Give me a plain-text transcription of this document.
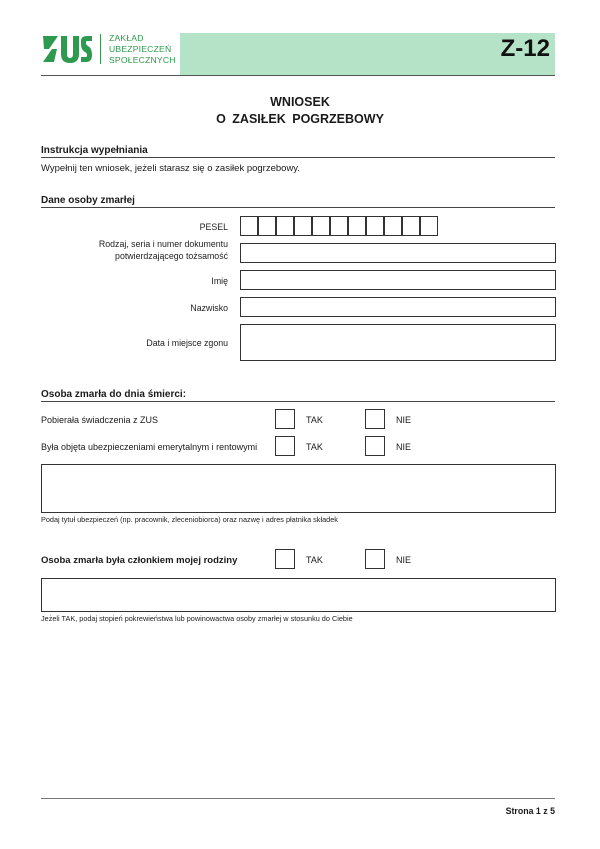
ZAKŁAD
UBEZPIECZEŃ
SPOŁECZNYCH	Z-12
WNIOSEK
O ZASIŁEK POGRZEBOWY
Instrukcja wypełniania
Wypełnij ten wniosek, jeżeli starasz się o zasiłek pogrzebowy.
Dane osoby zmarłej
PESEL
Rodzaj, seria i numer dokumentu
potwierdzającego tożsamość
Imię
Nazwisko
Data i miejsce zgonu
Osoba zmarła do dnia śmierci:
Pobierała świadczenia z ZUS	TAK	NIE
Była objęta ubezpieczeniami emerytalnym i rentowymi	TAK	NIE
Podaj tytuł ubezpieczeń (np. pracownik, zleceniobiorca) oraz nazwę i adres płatnika składek
Osoba zmarła była członkiem mojej rodziny	TAK	NIE
Jeżeli TAK, podaj stopień pokrewieństwa lub powinowactwa osoby zmarłej w stosunku do Ciebie
Strona 1 z 5
